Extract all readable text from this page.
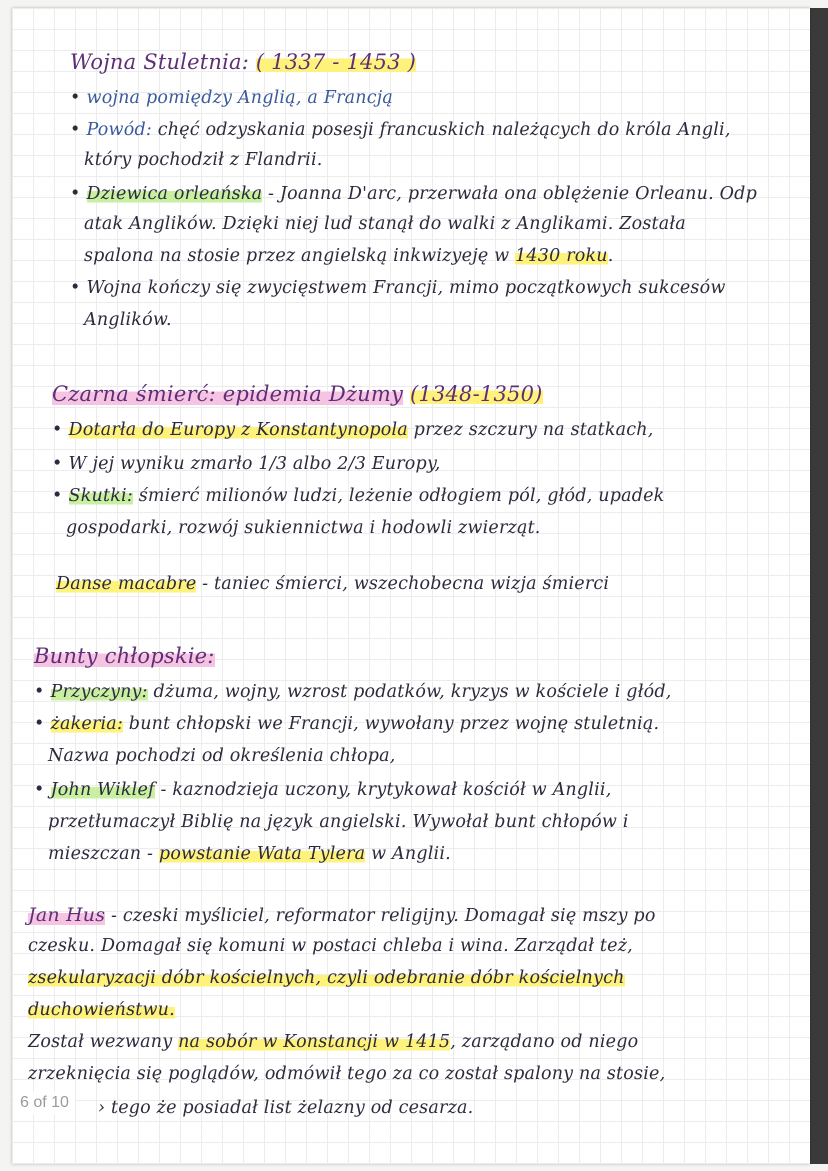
Wojna Stuletnia: ( 1337 - 1453 )
• wojna pomiędzy Anglią, a Francją
• Powód: chęć odzyskania posesji francuskich należących do króla Angli,
który pochodził z Flandrii.
• Dziewica orleańska - Joanna D'arc, przerwała ona oblężenie Orleanu. Odp
atak Anglików. Dzięki niej lud stanął do walki z Anglikami. Została
spalona na stosie przez angielską inkwizyeję w 1430 roku.
• Wojna kończy się zwycięstwem Francji, mimo początkowych sukcesów
Anglików.
Czarna śmierć: epidemia Dżumy (1348-1350)
• Dotarła do Europy z Konstantynopola przez szczury na statkach,
• W jej wyniku zmarło 1/3 albo 2/3 Europy,
• Skutki: śmierć milionów ludzi, leżenie odłogiem pól, głód, upadek
gospodarki, rozwój sukiennictwa i hodowli zwierząt.
Danse macabre - taniec śmierci, wszechobecna wizja śmierci
Bunty chłopskie:
• Przyczyny: dżuma, wojny, wzrost podatków, kryzys w kościele i głód,
• żakeria: bunt chłopski we Francji, wywołany przez wojnę stuletnią.
Nazwa pochodzi od określenia chłopa,
• John Wiklef - kaznodzieja uczony, krytykował kościół w Anglii,
przetłumaczył Biblię na język angielski. Wywołał bunt chłopów i
mieszczan - powstanie Wata Tylera w Anglii.
Jan Hus - czeski myśliciel, reformator religijny. Domagał się mszy po
czesku. Domagał się komuni w postaci chleba i wina. Zarządał też,
zsekularyzacji dóbr kościelnych, czyli odebranie dóbr kościelnych
duchowieństwu.
Został wezwany na sobór w Konstancji w 1415, zarządano od niego
zrzeknięcia się poglądów, odmówił tego za co został spalony na stosie,
› tego że posiadał list żelazny od cesarza.
6 of 10
